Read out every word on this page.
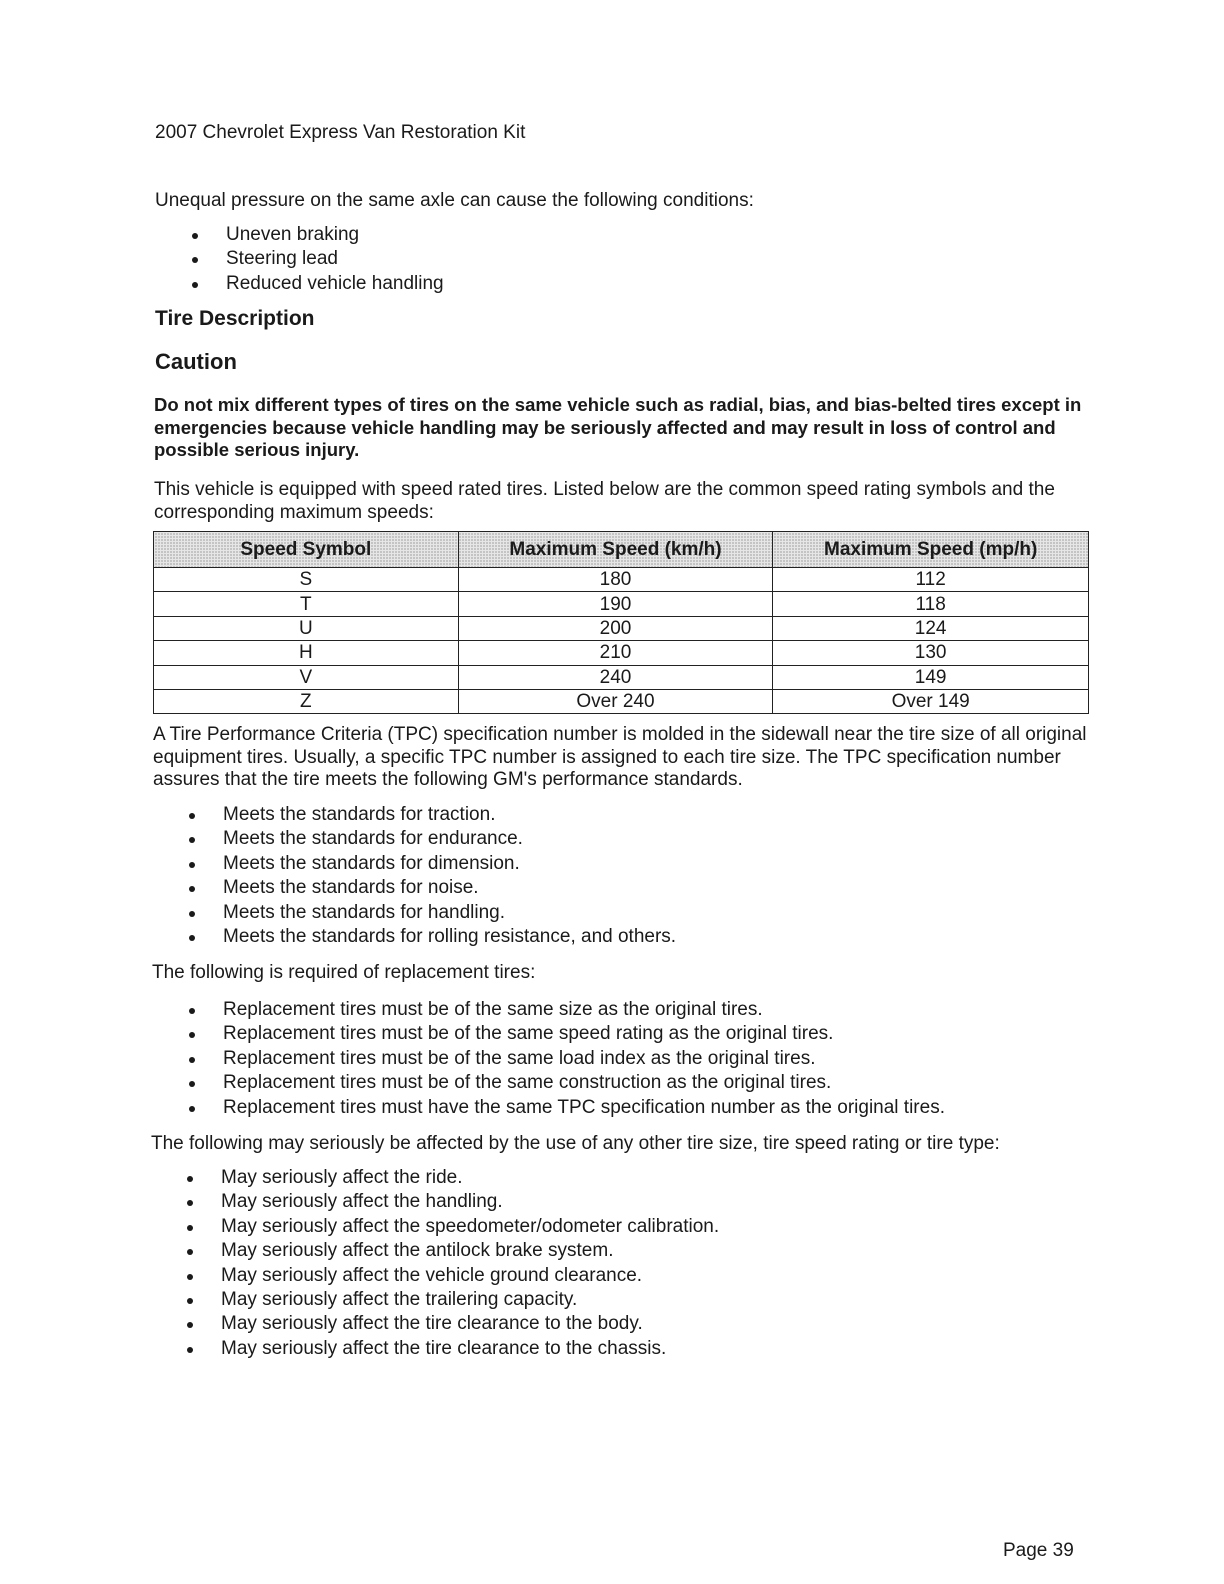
2007 Chevrolet Express Van Restoration Kit

Unequal pressure on the same axle can cause the following conditions:

Uneven braking
Steering lead
Reduced vehicle handling
Tire Description
Caution

Do not mix different types of tires on the same vehicle such as radial, bias, and bias-belted tires except in emergencies because vehicle handling may be seriously affected and may result in loss of control and possible serious injury.

This vehicle is equipped with speed rated tires. Listed below are the common speed rating symbols and the corresponding maximum speeds:

Speed Symbol	Maximum Speed (km/h)	Maximum Speed (mp/h)
S	180	112
T	190	118
U	200	124
H	210	130
V	240	149
Z	Over 240	Over 149

A Tire Performance Criteria (TPC) specification number is molded in the sidewall near the tire size of all original equipment tires. Usually, a specific TPC number is assigned to each tire size. The TPC specification number assures that the tire meets the following GM's performance standards.

Meets the standards for traction.
Meets the standards for endurance.
Meets the standards for dimension.
Meets the standards for noise.
Meets the standards for handling.
Meets the standards for rolling resistance, and others.

The following is required of replacement tires:

Replacement tires must be of the same size as the original tires.
Replacement tires must be of the same speed rating as the original tires.
Replacement tires must be of the same load index as the original tires.
Replacement tires must be of the same construction as the original tires.
Replacement tires must have the same TPC specification number as the original tires.

The following may seriously be affected by the use of any other tire size, tire speed rating or tire type:

May seriously affect the ride.
May seriously affect the handling.
May seriously affect the speedometer/odometer calibration.
May seriously affect the antilock brake system.
May seriously affect the vehicle ground clearance.
May seriously affect the trailering capacity.
May seriously affect the tire clearance to the body.
May seriously affect the tire clearance to the chassis.
Page 39
